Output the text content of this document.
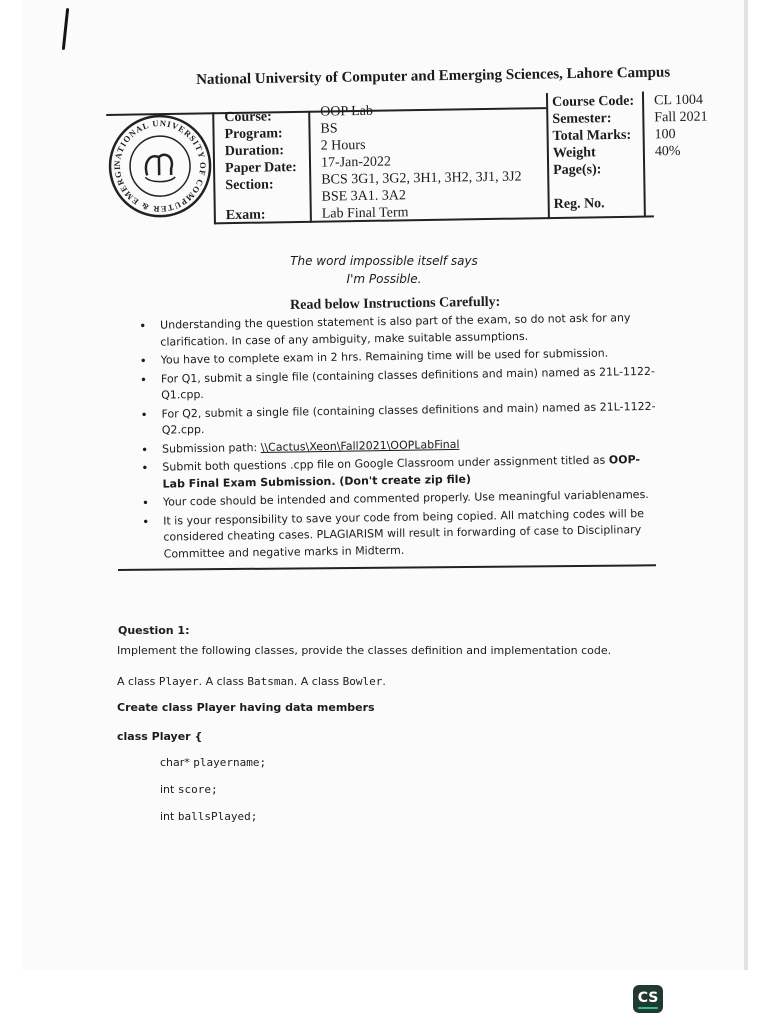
National University of Computer and Emerging Sciences, Lahore Campus
NATIONAL UNIVERSITY OF COMPUTER & EMERGING	Course:
Program:
Duration:
Paper Date:
Section:
Exam:
OOP Lab
BS
2 Hours
17-Jan-2022
BCS 3G1, 3G2, 3H1, 3H2, 3J1, 3J2
BSE 3A1. 3A2
Lab Final Term
Course Code:
Semester:
Total Marks:
Weight
Page(s):
Reg. No.
CL 1004
Fall 2021
100
40%
The word impossible itself says
I'm Possible.
Read below Instructions Carefully:
• Understanding the question statement is also part of the exam, so do not ask for any clarification. In case of any ambiguity, make suitable assumptions.
• You have to complete exam in 2 hrs. Remaining time will be used for submission.
• For Q1, submit a single file (containing classes definitions and main) named as 21L-1122-Q1.cpp.
• For Q2, submit a single file (containing classes definitions and main) named as 21L-1122-Q2.cpp.
• Submission path: \\Cactus\Xeon\Fall2021\OOPLabFinal
• Submit both questions .cpp file on Google Classroom under assignment titled as OOP- Lab Final Exam Submission. (Don't create zip file)
• Your code should be intended and commented properly. Use meaningful variablenames.
• It is your responsibility to save your code from being copied. All matching codes will be considered cheating cases. PLAGIARISM will result in forwarding of case to Disciplinary Committee and negative marks in Midterm.
Question 1:
Implement the following classes, provide the classes definition and implementation code.
A class Player. A class Batsman. A class Bowler.
Create class Player having data members
class Player {
char* playername;
int score;
int ballsPlayed;
CS
